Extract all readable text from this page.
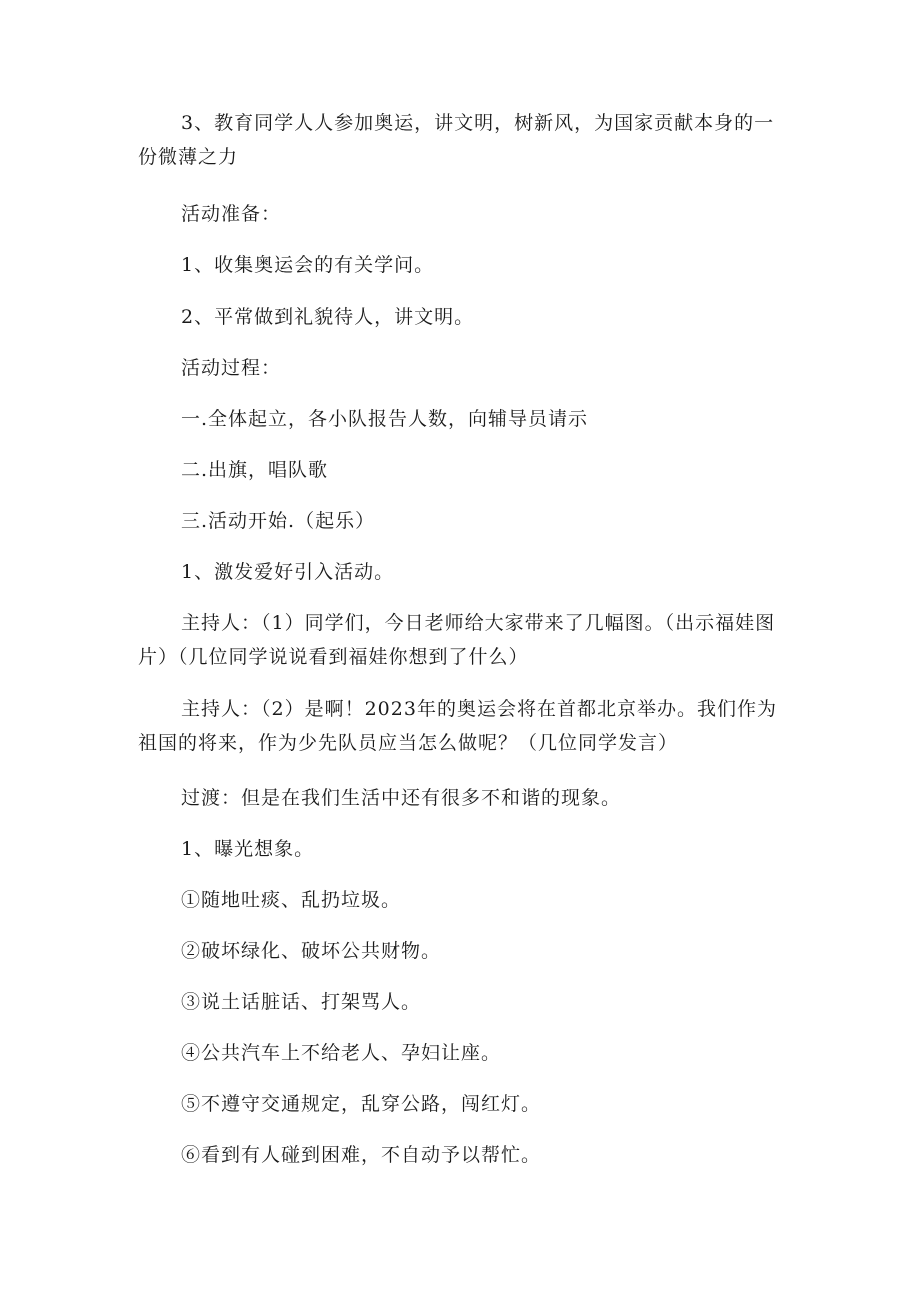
3、教育同学人人参加奥运，讲文明，树新风，为国家贡献本身的一份微薄之力

活动准备：

1、收集奥运会的有关学问。

2、平常做到礼貌待人，讲文明。

活动过程：

一.全体起立，各小队报告人数，向辅导员请示

二.出旗，唱队歌

三.活动开始.（起乐）

1、激发爱好引入活动。

主持人：（1）同学们，今日老师给大家带来了几幅图。（出示福娃图片）（几位同学说说看到福娃你想到了什么）

主持人：（2）是啊！2023年的奥运会将在首都北京举办。我们作为祖国的将来，作为少先队员应当怎么做呢？（几位同学发言）

过渡：但是在我们生活中还有很多不和谐的现象。

1、曝光想象。

①随地吐痰、乱扔垃圾。

②破坏绿化、破坏公共财物。

③说土话脏话、打架骂人。

④公共汽车上不给老人、孕妇让座。

⑤不遵守交通规定，乱穿公路，闯红灯。

⑥看到有人碰到困难，不自动予以帮忙。
